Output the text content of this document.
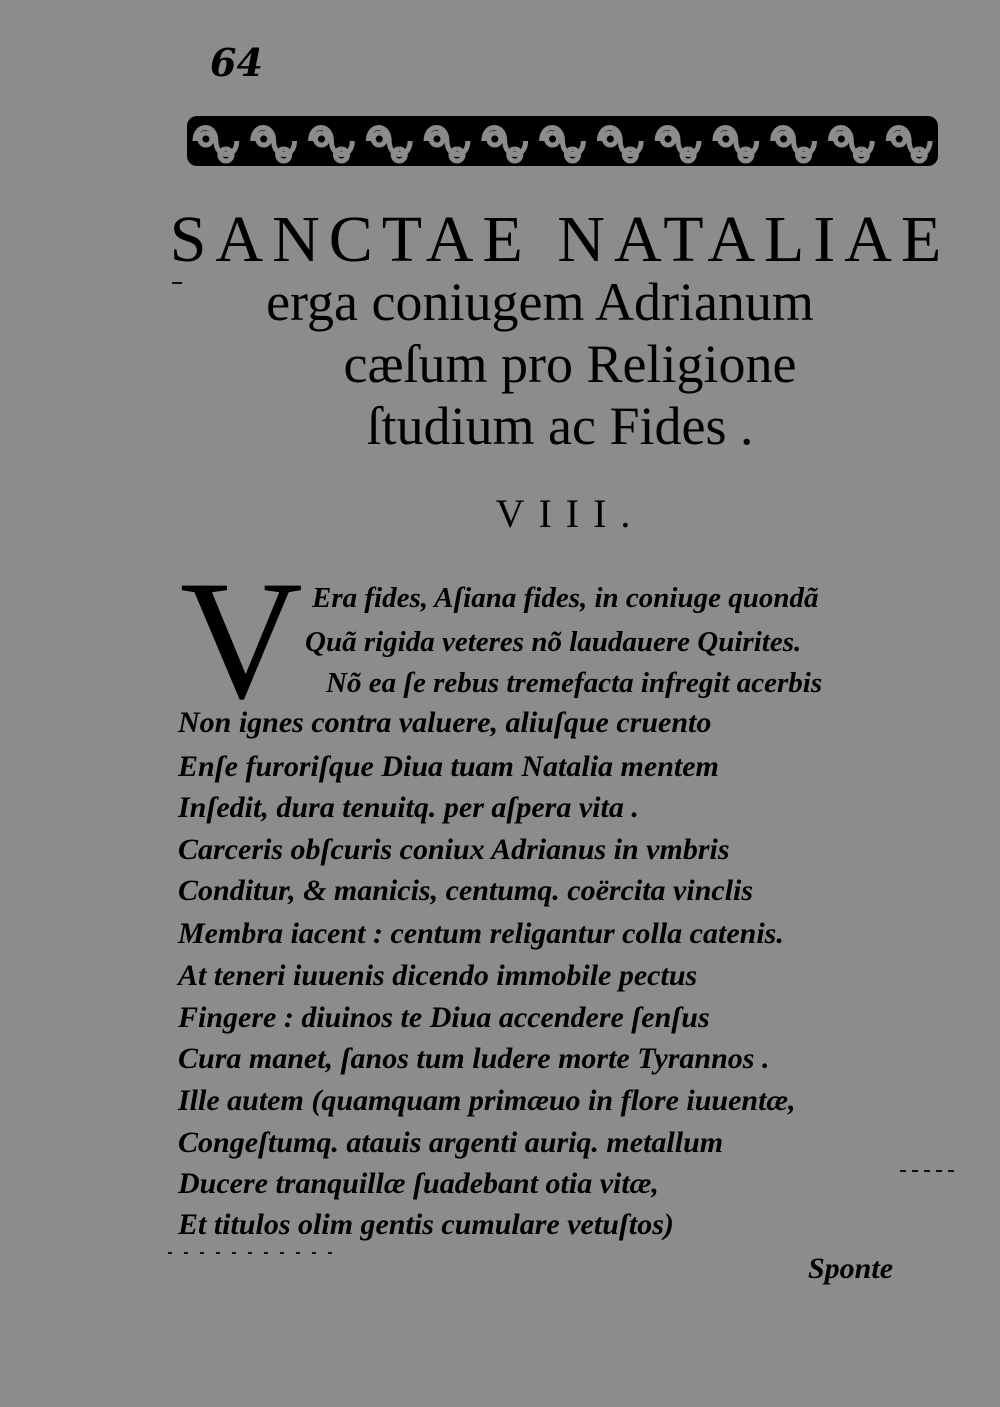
64
SANCTAE NATALIAE
erga coniugem Adrianum
cæſum pro Religione
ſtudium ac Fides .
VIII.
V Era fides, Aſiana fides, in coniuge quondã
Quã rigida veteres nõ laudauere Quirites.
Nõ ea ſe rebus tremefacta infregit acerbis
Non ignes contra valuere, aliuſque cruento
Enſe furoriſque Diua tuam Natalia mentem
Inſedit, dura tenuitq. per aſpera vita .
Carceris obſcuris coniux Adrianus in vmbris
Conditur, & manicis, centumq. coërcita vinclis
Membra iacent : centum religantur colla catenis.
At teneri iuuenis dicendo immobile pectus
Fingere : diuinos te Diua accendere ſenſus
Cura manet, ſanos tum ludere morte Tyrannos .
Ille autem (quamquam primæuo in flore iuuentæ,
Congeſtumq. atauis argenti auriq. metallum
Ducere tranquillæ ſuadebant otia vitæ,
Et titulos olim gentis cumulare vetuſtos)
Sponte
